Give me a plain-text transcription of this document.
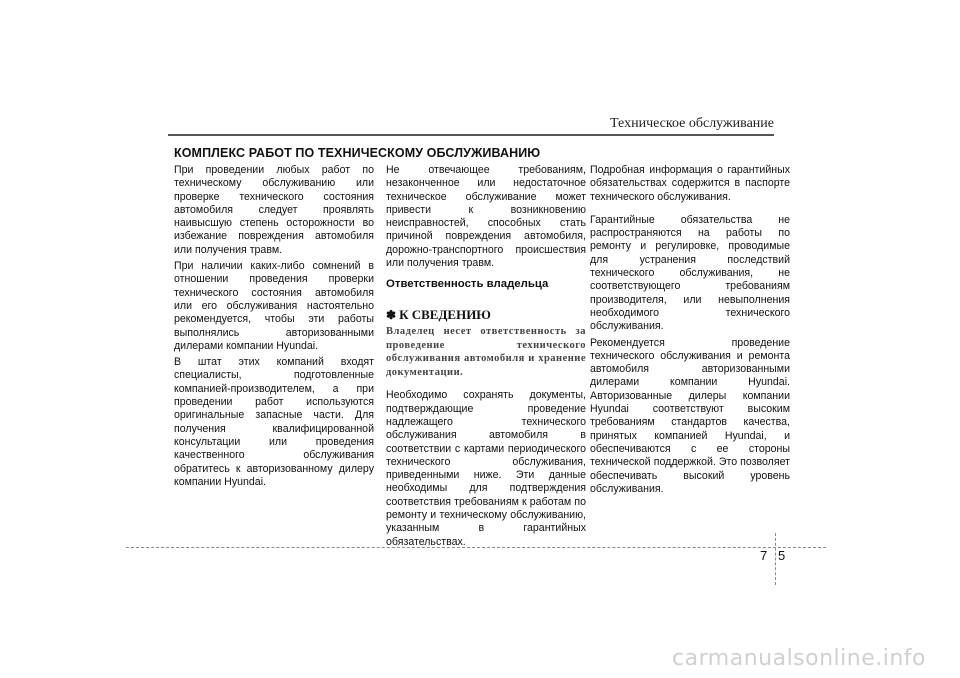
Техническое обслуживание
КОМПЛЕКС РАБОТ ПО ТЕХНИЧЕСКОМУ ОБСЛУЖИВАНИЮ

При проведении любых работ по техническому обслуживанию или проверке технического состояния автомобиля следует проявлять наивысшую степень осторожности во избежание повреждения автомобиля или получения травм.

При наличии каких-либо сомнений в отношении проведения проверки технического состояния автомобиля или его обслуживания настоятельно рекомендуется, чтобы эти работы выполнялись авторизованными дилерами компании Hyundai.

В штат этих компаний входят специалисты, подготовленные компанией-производителем, а при проведении работ используются оригинальные запасные части. Для получения квалифицированной консультации или проведения качественного обслуживания обратитесь к авторизованному дилеру компании Hyundai.

Не отвечающее требованиям, незаконченное или недостаточное техническое обслуживание может привести к возникновению неисправностей, способных стать причиной повреждения автомобиля, дорожно-транспортного происшествия или получения травм.

Ответственность владельца
✽ К СВЕДЕНИЮ
Владелец несет ответственность за проведение технического обслуживания автомобиля и хранение документации.

Необходимо сохранять документы, подтверждающие проведение надлежащего технического обслуживания автомобиля в соответствии с картами периодического технического обслуживания, приведенными ниже. Эти данные необходимы для подтверждения соответствия требованиям к работам по ремонту и техническому обслуживанию, указанным в гарантийных обязательствах.

Подробная информация о гарантийных обязательствах содержится в паспорте технического обслуживания.

Гарантийные обязательства не распространяются на работы по ремонту и регулировке, проводимые для устранения последствий технического обслуживания, не соответствующего требованиям производителя, или невыполнения необходимого технического обслуживания.

Рекомендуется проведение технического обслуживания и ремонта автомобиля авторизованными дилерами компании Hyundai. Авторизованные дилеры компании Hyundai соответствуют высоким требованиям стандартов качества, принятых компанией Hyundai, и обеспечиваются с ее стороны технической поддержкой. Это позволяет обеспечивать высокий уровень обслуживания.

7 5
carmanualsonline.info
